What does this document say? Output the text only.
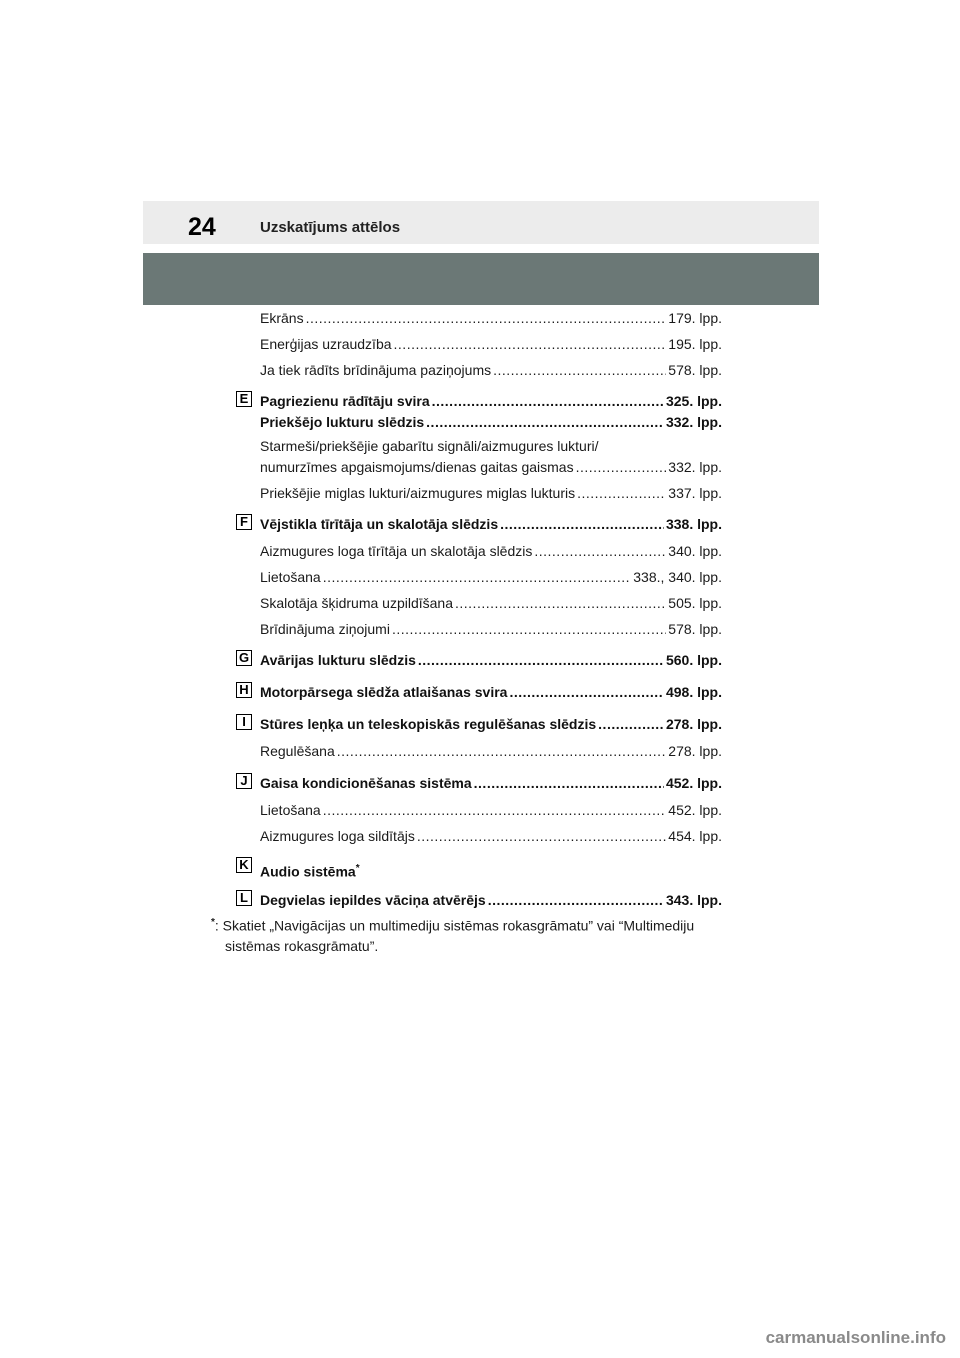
24	Uzskatījums attēlos
Ekrāns .....	179. lpp.
Enerģijas uzraudzība .....	195. lpp.
Ja tiek rādīts brīdinājuma paziņojums .....	578. lpp.
E Pagriezienu rādītāju svira .....	325. lpp.
Priekšējo lukturu slēdzis .....	332. lpp.
Starmeši/priekšējie gabarītu signāli/aizmugures lukturi/
numurzīmes apgaismojums/dienas gaitas gaismas .....	332. lpp.
Priekšējie miglas lukturi/aizmugures miglas lukturis .....	337. lpp.
F Vējstikla tīrītāja un skalotāja slēdzis .....	338. lpp.
Aizmugures loga tīrītāja un skalotāja slēdzis .....	340. lpp.
Lietošana .....	338., 340. lpp.
Skalotāja šķidruma uzpildīšana .....	505. lpp.
Brīdinājuma ziņojumi .....	578. lpp.
G Avārijas lukturu slēdzis .....	560. lpp.
H Motorpārsega slēdža atlaišanas svira .....	498. lpp.
I	Stūres leņķa un teleskopiskās regulēšanas slēdzis .....	278. lpp.
Regulēšana .....	278. lpp.
J Gaisa kondicionēšanas sistēma .....	452. lpp.
Lietošana .....	452. lpp.
Aizmugures loga sildītājs .....	454. lpp.
K Audio sistēma*
L Degvielas iepildes vāciņa atvērējs .....	343. lpp.
*: Skatiet „Navigācijas un multimediju sistēmas rokasgrāmatu” vai “Multimediju sistēmas rokasgrāmatu”.
carmanualsonline.info
